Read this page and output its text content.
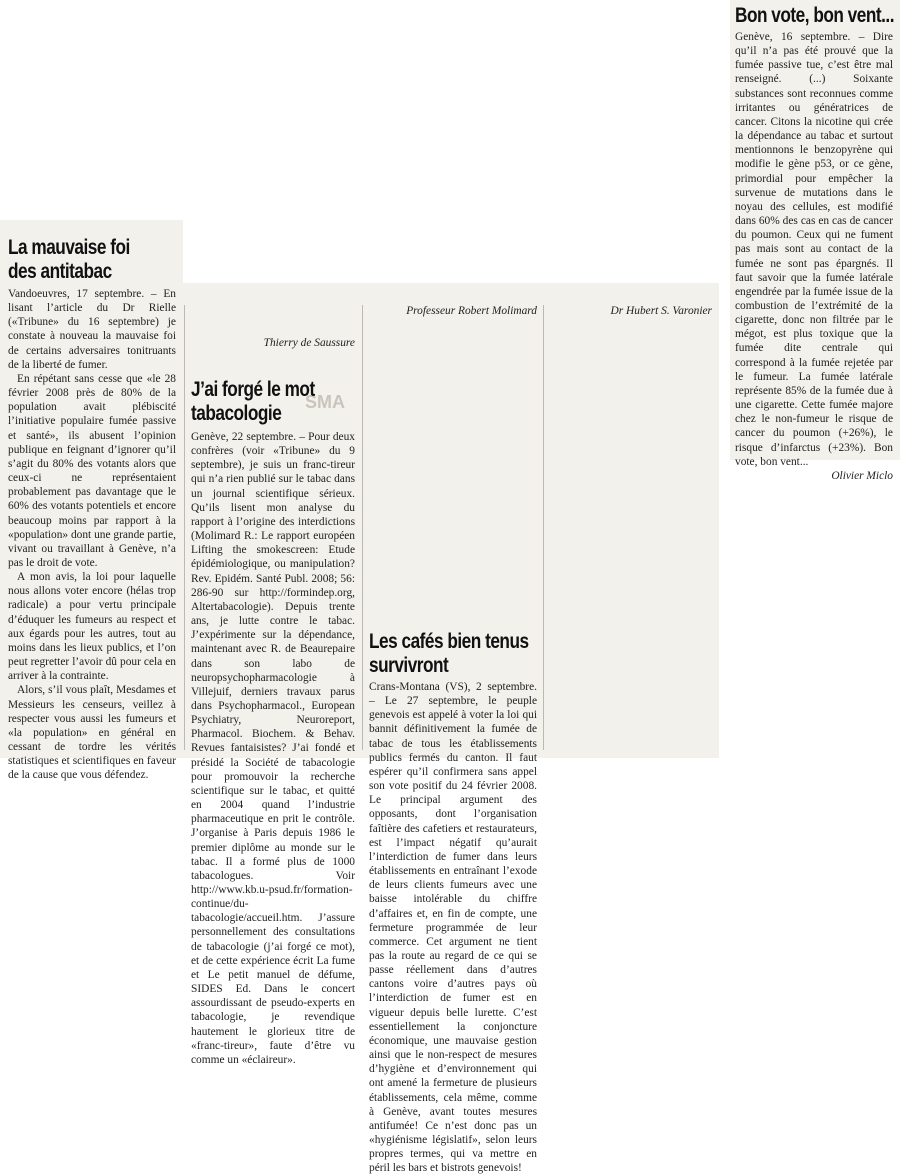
SMA
La mauvaise foi
des antitabac

Vandoeuvres, 17 septembre. – En lisant l’article du Dr Rielle («Tribune» du 16 septembre) je constate à nouveau la mauvaise foi de certains adversaires tonitruants de la liberté de fumer.

En répétant sans cesse que «le 28 février 2008 près de 80% de la population avait plébiscité l’initiative populaire fumée passive et santé», ils abusent l’opinion publique en feignant d’ignorer qu’il s’agit du 80% des votants alors que ceux-ci ne représentaient probablement pas davantage que le 60% des votants potentiels et encore beaucoup moins par rapport à la «population» dont une grande partie, vivant ou travaillant à Genève, n’a pas le droit de vote.

A mon avis, la loi pour laquelle nous allons voter encore (hélas trop radicale) a pour vertu principale d’éduquer les fumeurs au respect et aux égards pour les autres, tout au moins dans les lieux publics, et l’on peut regretter l’avoir dû pour cela en arriver à la contrainte.

Alors, s’il vous plaît, Mesdames et Messieurs les censeurs, veillez à respecter vous aussi les fumeurs et «la population» en général en cessant de tordre les vérités statistiques et scientifiques en faveur de la cause que vous défendez.

Thierry de Saussure

J’ai forgé le mot
tabacologie

Genève, 22 septembre. – Pour deux confrères (voir «Tribune» du 9 septembre), je suis un franc-tireur qui n’a rien publié sur le tabac dans un journal scientifique sérieux. Qu’ils lisent mon analyse du rapport à l’origine des interdictions (Molimard R.: Le rapport européen Lifting the smokescreen: Etude épidémiologique, ou manipulation? Rev. Epidém. Santé Publ. 2008; 56: 286-90 sur http://formindep.org, Altertabacologie). Depuis trente ans, je lutte contre le tabac. J’expérimente sur la dépendance, maintenant avec R. de Beaurepaire dans son labo de neuropsychopharmacologie à Villejuif, derniers travaux parus dans Psychopharmacol., European Psychiatry, Neuroreport, Pharmacol. Biochem. & Behav. Revues fantaisistes? J’ai fondé et présidé la Société de tabacologie pour promouvoir la recherche scientifique sur le tabac, et quitté en 2004 quand l’industrie pharmaceutique en prit le contrôle. J’organise à Paris depuis 1986 le premier diplôme au monde sur le tabac. Il a formé plus de 1000 tabacologues. Voir http://www.kb.u-psud.fr/formation-continue/du-tabacologie/accueil.htm. J’assure personnellement des consultations de tabacologie (j’ai forgé ce mot), et de cette expérience écrit La fume et Le petit manuel de défume, SIDES Ed. Dans le concert assourdissant de pseudo-experts en tabacologie, je revendique hautement le glorieux titre de «franc-tireur», faute d’être vu comme un «éclaireur».

Professeur Robert Molimard

Les cafés bien tenus
survivront

Crans-Montana (VS), 2 septembre. – Le 27 septembre, le peuple genevois est appelé à voter la loi qui bannit définitivement la fumée de tabac de tous les établissements publics fermés du canton. Il faut espérer qu’il confirmera sans appel son vote positif du 24 février 2008. Le principal argument des opposants, dont l’organisation faîtière des cafetiers et restaurateurs, est l’impact négatif qu’aurait l’interdiction de fumer dans leurs établissements en entraînant l’exode de leurs clients fumeurs avec une baisse intolérable du chiffre d’affaires et, en fin de compte, une fermeture programmée de leur commerce. Cet argument ne tient pas la route au regard de ce qui se passe réellement dans d’autres cantons voire d’autres pays où l’interdiction de fumer est en vigueur depuis belle lurette. C’est essentiellement la conjoncture économique, une mauvaise gestion ainsi que le non-respect de mesures d’hygiène et d’environnement qui ont amené la fermeture de plusieurs établissements, cela même, comme à Genève, avant toutes mesures antifumée! Ce n’est donc pas un «hygiénisme législatif», selon leurs propres termes, qui va mettre en péril les bars et bistrots genevois!

Dr Hubert S. Varonier

Bon vote, bon vent...

Genève, 16 septembre. – Dire qu’il n’a pas été prouvé que la fumée passive tue, c’est être mal renseigné. (...) Soixante substances sont reconnues comme irritantes ou génératrices de cancer. Citons la nicotine qui crée la dépendance au tabac et surtout mentionnons le benzopyrène qui modifie le gène p53, or ce gène, primordial pour empêcher la survenue de mutations dans le noyau des cellules, est modifié dans 60% des cas en cas de cancer du poumon. Ceux qui ne fument pas mais sont au contact de la fumée ne sont pas épargnés. Il faut savoir que la fumée latérale engendrée par la fumée issue de la combustion de l’extrémité de la cigarette, donc non filtrée par le mégot, est plus toxique que la fumée dite centrale qui correspond à la fumée rejetée par le fumeur. La fumée latérale représente 85% de la fumée due à une cigarette. Cette fumée majore chez le non-fumeur le risque de cancer du poumon (+26%), le risque d’infarctus (+23%). Bon vote, bon vent...

Olivier Miclo
